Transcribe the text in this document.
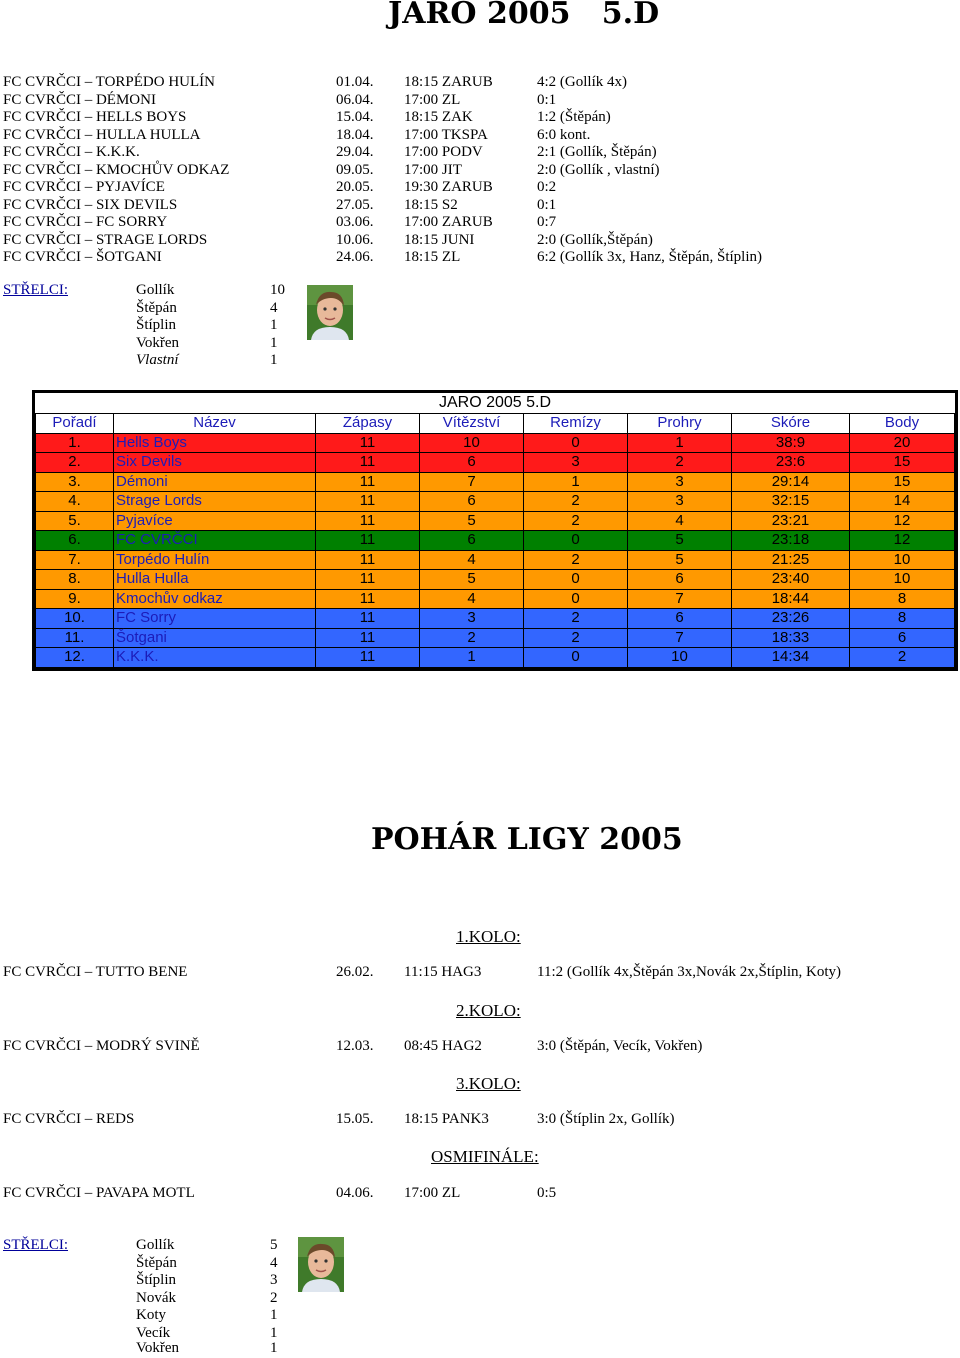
JARO 2005   5.D
FC CVRČCI – TORPÉDO HULÍN	01.04. 18:15 ZARUB	4:2 (Gollík 4x)
FC CVRČCI – DÉMONI	06.04. 17:00 ZL	0:1
FC CVRČCI – HELLS BOYS	15.04. 18:15 ZAK	1:2 (Štěpán)
FC CVRČCI – HULLA HULLA	18.04. 17:00 TKSPA	6:0 kont.
FC CVRČCI – K.K.K.	29.04. 17:00 PODV	2:1 (Gollík, Štěpán)
FC CVRČCI – KMOCHŮV ODKAZ	09.05. 17:00 JIT	2:0 (Gollík , vlastní)
FC CVRČCI – PYJAVÍCE	20.05. 19:30 ZARUB	0:2
FC CVRČCI – SIX DEVILS	27.05. 18:15 S2	0:1
FC CVRČCI – FC SORRY	03.06. 17:00 ZARUB	0:7
FC CVRČCI – STRAGE LORDS	10.06. 18:15 JUNI	2:0 (Gollík,Štěpán)
FC CVRČCI – ŠOTGANI	24.06. 18:15 ZL	6:2 (Gollík 3x, Hanz, Štěpán, Štíplin)
STŘELCI:	Gollík	10
Štěpán	4
Štíplin	1
Vokřen	1
Vlastní	1
JARO 2005 5.D							
Pořadí	Název	Zápasy	Vítězství	Remízy	Prohry	Skóre	Body
1.	Hells Boys	11	10	0	1	38:9	20
2.	Six Devils	11	6	3	2	23:6	15
3.	Démoni	11	7	1	3	29:14	15
4.	Strage Lords	11	6	2	3	32:15	14
5.	Pyjavíce	11	5	2	4	23:21	12
6.	FC CVRČCI	11	6	0	5	23:18	12
7.	Torpédo Hulín	11	4	2	5	21:25	10
8.	Hulla Hulla	11	5	0	6	23:40	10
9.	Kmochův odkaz	11	4	0	7	18:44	8
10.	FC Sorry	11	3	2	6	23:26	8
11.	Šotgani	11	2	2	7	18:33	6
12.	K.K.K.	11	1	0	10	14:34	2
POHÁR LIGY 2005
1.KOLO:
FC CVRČCI – TUTTO BENE	26.02. 11:15 HAG3	11:2 (Gollík 4x,Štěpán 3x,Novák 2x,Štíplin, Koty)
2.KOLO:
FC CVRČCI – MODRÝ SVINĚ	12.03. 08:45 HAG2	3:0 (Štěpán, Vecík, Vokřen)
3.KOLO:
FC CVRČCI – REDS	15.05. 18:15 PANK3	3:0 (Štíplin 2x, Gollík)
OSMIFINÁLE:
FC CVRČCI – PAVAPA MOTL	04.06. 17:00 ZL	0:5
STŘELCI:	Gollík	5
Štěpán	4
Štíplin	3
Novák	2
Koty	1
Vecík	1
Vokřen	1
